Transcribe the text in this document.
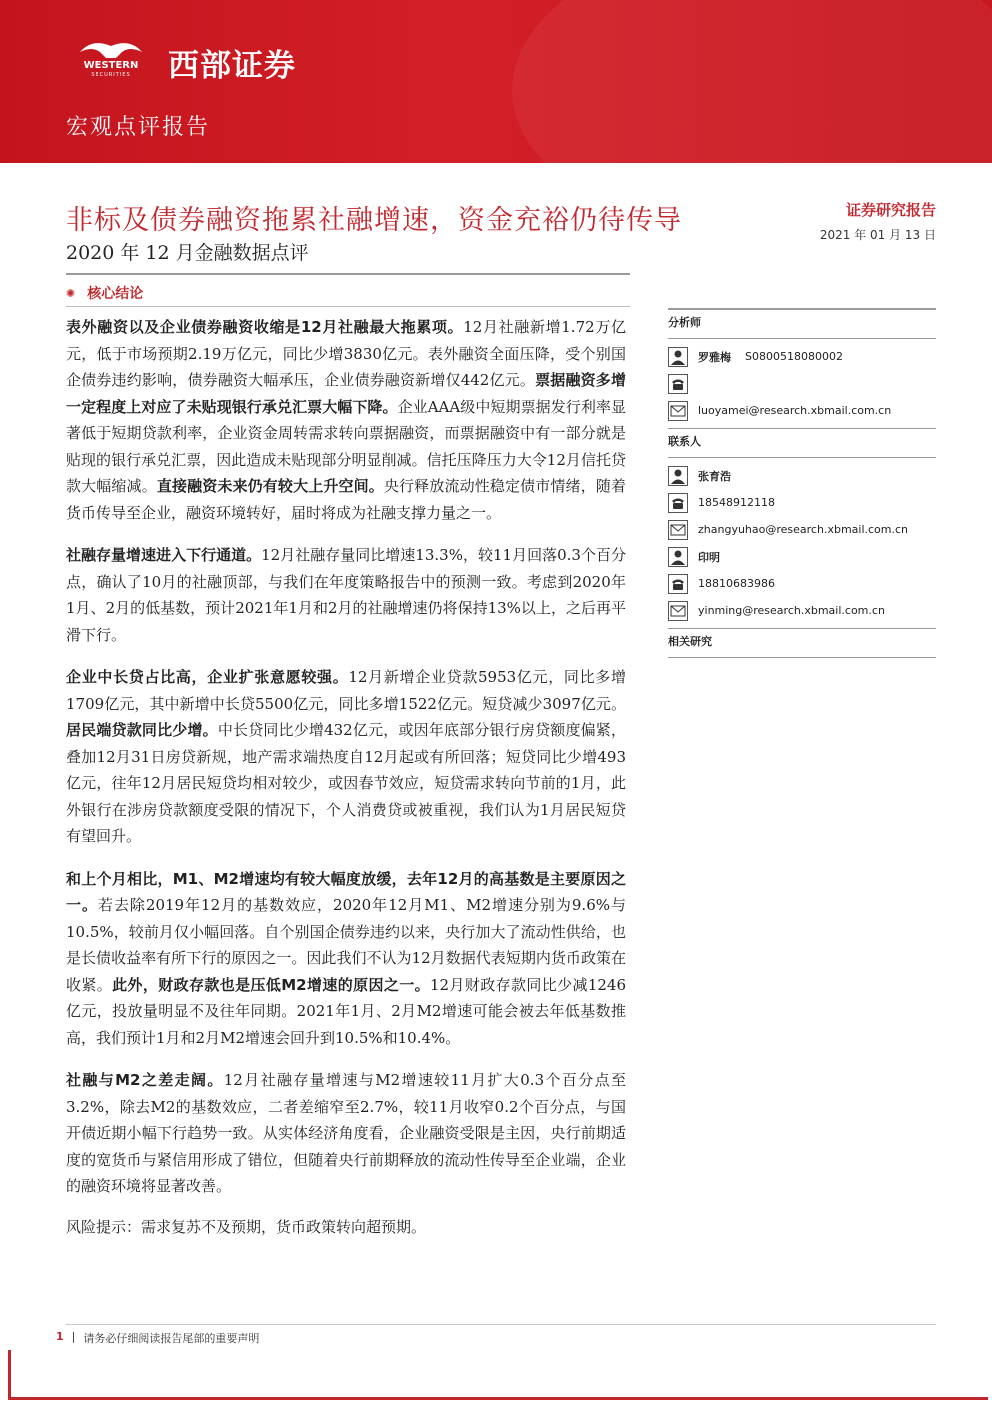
WESTERN
SECURITIES 西部证券
宏观点评报告
非标及债券融资拖累社融增速，资金充裕仍待传导
2020 年 12 月金融数据点评
证券研究报告
2021 年 01 月 13 日
✺ 核心结论

表外融资以及企业债券融资收缩是12月社融最大拖累项。12月社融新增1.72万亿元，低于市场预期2.19万亿元，同比少增3830亿元。表外融资全面压降，受个别国企债券违约影响，债券融资大幅承压，企业债券融资新增仅442亿元。票据融资多增一定程度上对应了未贴现银行承兑汇票大幅下降。企业AAA级中短期票据发行利率显著低于短期贷款利率，企业资金周转需求转向票据融资，而票据融资中有一部分就是贴现的银行承兑汇票，因此造成未贴现部分明显削减。信托压降压力大令12月信托贷款大幅缩减。直接融资未来仍有较大上升空间。央行释放流动性稳定债市情绪，随着货币传导至企业，融资环境转好，届时将成为社融支撑力量之一。

社融存量增速进入下行通道。12月社融存量同比增速13.3%，较11月回落0.3个百分点，确认了10月的社融顶部，与我们在年度策略报告中的预测一致。考虑到2020年1月、2月的低基数，预计2021年1月和2月的社融增速仍将保持13%以上，之后再平滑下行。

企业中长贷占比高，企业扩张意愿较强。12月新增企业贷款5953亿元，同比多增1709亿元，其中新增中长贷5500亿元，同比多增1522亿元。短贷减少3097亿元。居民端贷款同比少增。中长贷同比少增432亿元，或因年底部分银行房贷额度偏紧，叠加12月31日房贷新规，地产需求端热度自12月起或有所回落；短贷同比少增493亿元，往年12月居民短贷均相对较少，或因春节效应，短贷需求转向节前的1月，此外银行在涉房贷款额度受限的情况下，个人消费贷或被重视，我们认为1月居民短贷有望回升。

和上个月相比，M1、M2增速均有较大幅度放缓，去年12月的高基数是主要原因之一。若去除2019年12月的基数效应，2020年12月M1、M2增速分别为9.6%与10.5%，较前月仅小幅回落。自个别国企债券违约以来，央行加大了流动性供给，也是长债收益率有所下行的原因之一。因此我们不认为12月数据代表短期内货币政策在收紧。此外，财政存款也是压低M2增速的原因之一。12月财政存款同比少减1246亿元，投放量明显不及往年同期。2021年1月、2月M2增速可能会被去年低基数推高，我们预计1月和2月M2增速会回升到10.5%和10.4%。

社融与M2之差走阔。12月社融存量增速与M2增速较11月扩大0.3个百分点至3.2%，除去M2的基数效应，二者差缩窄至2.7%，较11月收窄0.2个百分点，与国开债近期小幅下行趋势一致。从实体经济角度看，企业融资受限是主因，央行前期适度的宽货币与紧信用形成了错位，但随着央行前期释放的流动性传导至企业端，企业的融资环境将显著改善。

风险提示：需求复苏不及预期，货币政策转向超预期。
分析师
罗雅梅 S0800518080002
luoyamei@research.xbmail.com.cn
联系人
张育浩
18548912118
zhangyuhao@research.xbmail.com.cn
印明
18810683986
yinming@research.xbmail.com.cn
相关研究
1 | 请务必仔细阅读报告尾部的重要声明
